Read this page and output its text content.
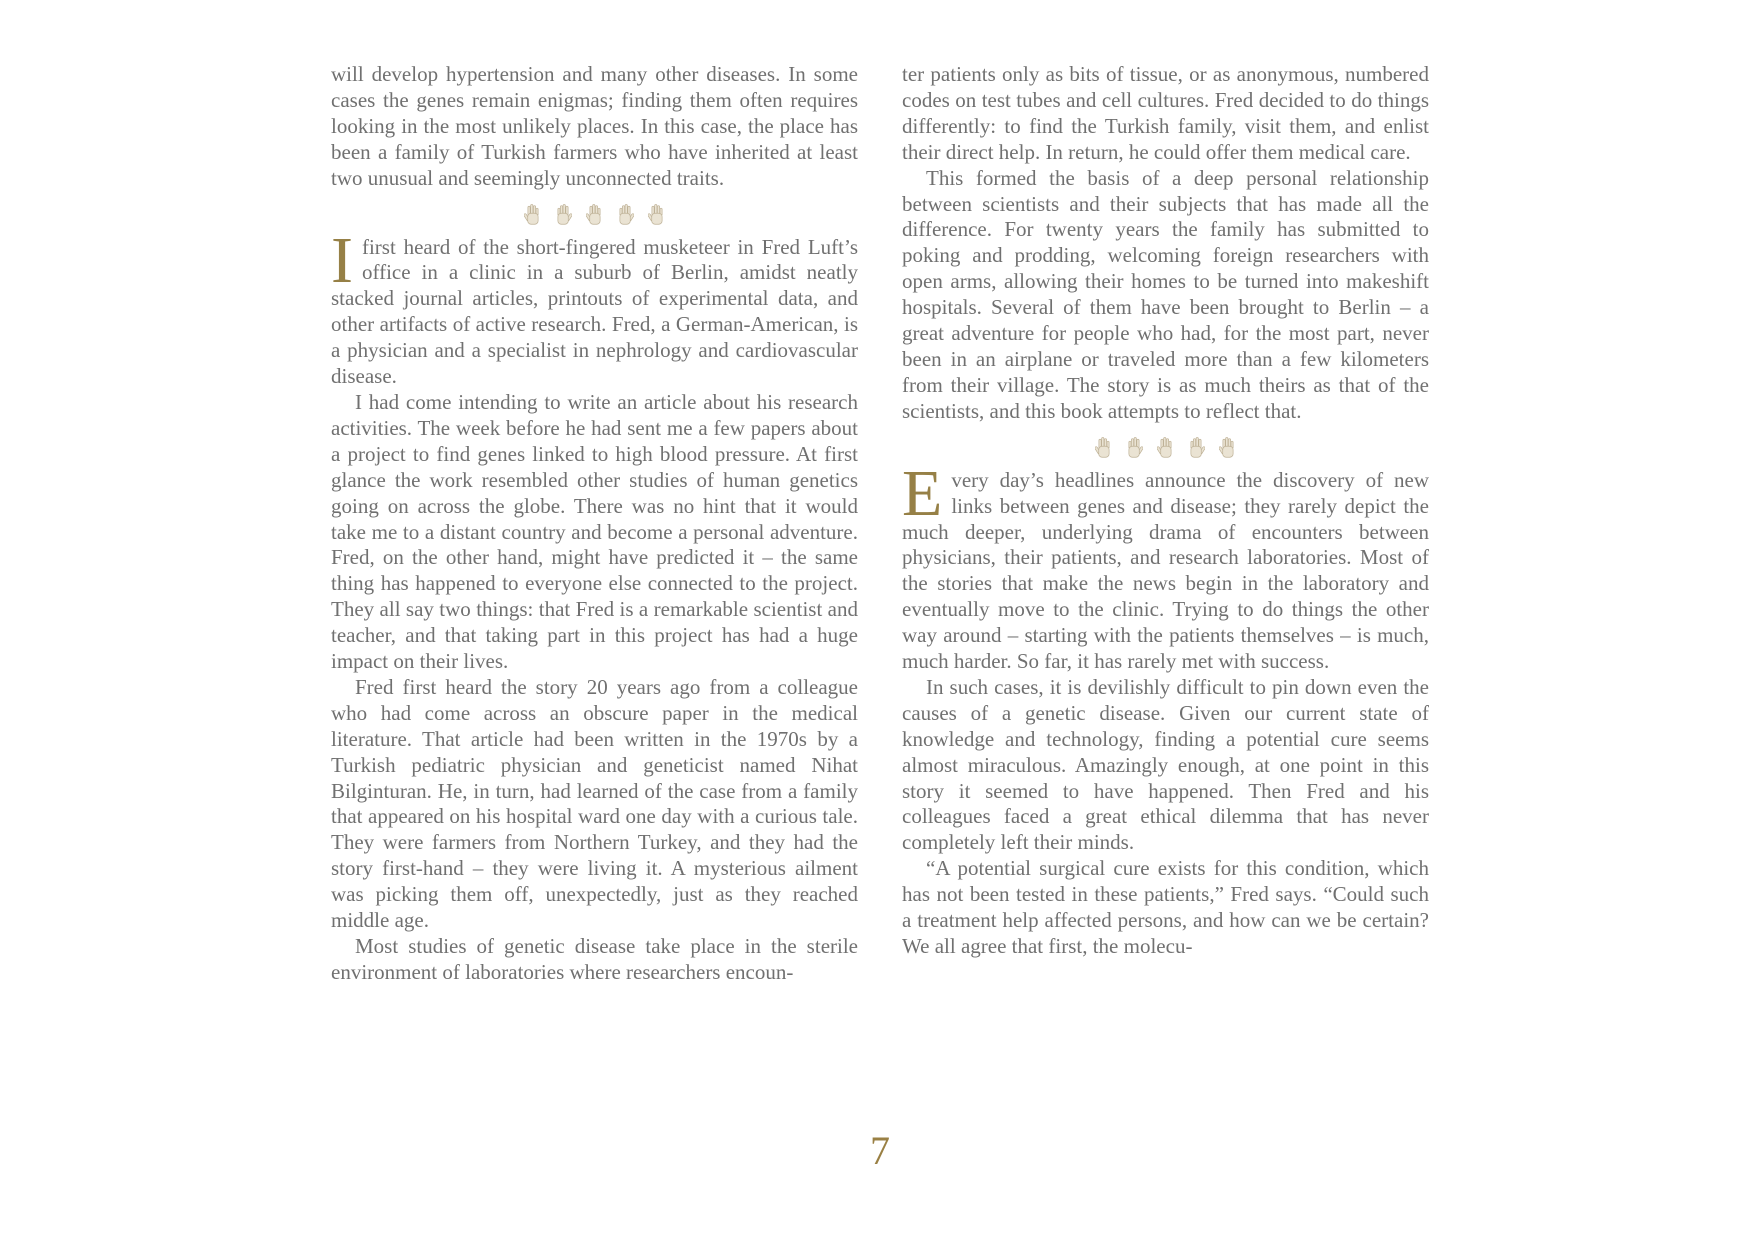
will develop hypertension and many other diseases. In some cases the genes remain enigmas; finding them often requires looking in the most unlikely places. In this case, the place has been a family of Turkish farmers who have inherited at least two unusual and seemingly unconnected traits.

I first heard of the short-fingered musketeer in Fred Luft’s office in a clinic in a suburb of Berlin, amidst neatly stacked journal articles, printouts of experimental data, and other artifacts of active research. Fred, a German-American, is a physician and a specialist in nephrology and cardiovascular disease.

I had come intending to write an article about his research activities. The week before he had sent me a few papers about a project to find genes linked to high blood pressure. At first glance the work resembled other studies of human genetics going on across the globe. There was no hint that it would take me to a distant country and become a personal adventure. Fred, on the other hand, might have predicted it – the same thing has happened to everyone else connected to the project. They all say two things: that Fred is a remarkable scientist and teacher, and that taking part in this project has had a huge impact on their lives.

Fred first heard the story 20 years ago from a colleague who had come across an obscure paper in the medical literature. That article had been written in the 1970s by a Turkish pediatric physician and geneticist named Nihat Bilginturan. He, in turn, had learned of the case from a family that appeared on his hospital ward one day with a curious tale. They were farmers from Northern Turkey, and they had the story first-hand – they were living it. A mysterious ailment was picking them off, unexpectedly, just as they reached middle age.

Most studies of genetic disease take place in the sterile environment of laboratories where researchers encoun-

ter patients only as bits of tissue, or as anonymous, numbered codes on test tubes and cell cultures. Fred decided to do things differently: to find the Turkish family, visit them, and enlist their direct help. In return, he could offer them medical care.

This formed the basis of a deep personal relationship between scientists and their subjects that has made all the difference. For twenty years the family has submitted to poking and prodding, welcoming foreign researchers with open arms, allowing their homes to be turned into makeshift hospitals. Several of them have been brought to Berlin – a great adventure for people who had, for the most part, never been in an airplane or traveled more than a few kilometers from their village. The story is as much theirs as that of the scientists, and this book attempts to reflect that.

E very day’s headlines announce the discovery of new links between genes and disease; they rarely depict the much deeper, underlying drama of encounters between physicians, their patients, and research laboratories. Most of the stories that make the news begin in the laboratory and eventually move to the clinic. Trying to do things the other way around – starting with the patients themselves – is much, much harder. So far, it has rarely met with success.

In such cases, it is devilishly difficult to pin down even the causes of a genetic disease. Given our current state of knowledge and technology, finding a potential cure seems almost miraculous. Amazingly enough, at one point in this story it seemed to have happened. Then Fred and his colleagues faced a great ethical dilemma that has never completely left their minds.

“A potential surgical cure exists for this condition, which has not been tested in these patients,” Fred says. “Could such a treatment help affected persons, and how can we be certain? We all agree that first, the molecu-

7
